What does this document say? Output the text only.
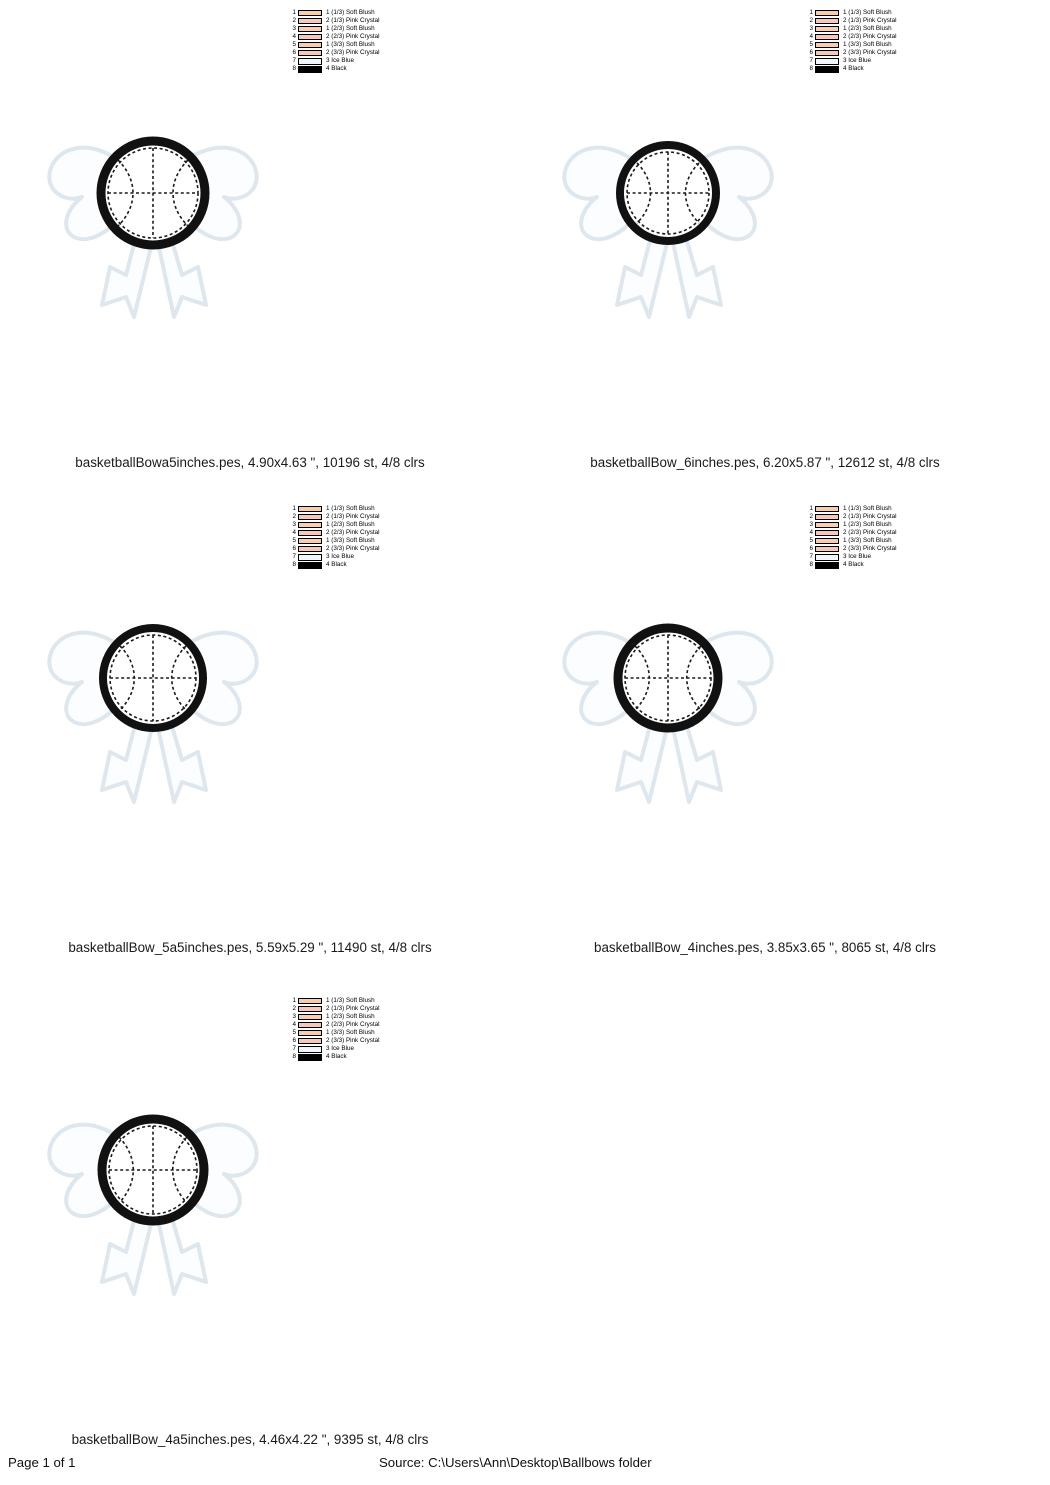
1	1 (1/3) Soft Blush
2	2 (1/3) Pink Crystal
3	1 (2/3) Soft Blush
4	2 (2/3) Pink Crystal
5	1 (3/3) Soft Blush
6	2 (3/3) Pink Crystal
7	3 Ice Blue
8	4 Black
1	1 (1/3) Soft Blush
2	2 (1/3) Pink Crystal
3	1 (2/3) Soft Blush
4	2 (2/3) Pink Crystal
5	1 (3/3) Soft Blush
6	2 (3/3) Pink Crystal
7	3 Ice Blue
8	4 Black
1	1 (1/3) Soft Blush
2	2 (1/3) Pink Crystal
3	1 (2/3) Soft Blush
4	2 (2/3) Pink Crystal
5	1 (3/3) Soft Blush
6	2 (3/3) Pink Crystal
7	3 Ice Blue
8	4 Black
1	1 (1/3) Soft Blush
2	2 (1/3) Pink Crystal
3	1 (2/3) Soft Blush
4	2 (2/3) Pink Crystal
5	1 (3/3) Soft Blush
6	2 (3/3) Pink Crystal
7	3 Ice Blue
8	4 Black
1	1 (1/3) Soft Blush
2	2 (1/3) Pink Crystal
3	1 (2/3) Soft Blush
4	2 (2/3) Pink Crystal
5	1 (3/3) Soft Blush
6	2 (3/3) Pink Crystal
7	3 Ice Blue
8	4 Black
basketballBowa5inches.pes, 4.90x4.63 ", 10196 st, 4/8 clrs	basketballBow_6inches.pes, 6.20x5.87 ", 12612 st, 4/8 clrs
basketballBow_5a5inches.pes, 5.59x5.29 ", 11490 st, 4/8 clrs	basketballBow_4inches.pes, 3.85x3.65 ", 8065 st, 4/8 clrs
basketballBow_4a5inches.pes, 4.46x4.22 ", 9395 st, 4/8 clrs
Page 1 of 1	Source: C:\Users\Ann\Desktop\Ballbows folder
